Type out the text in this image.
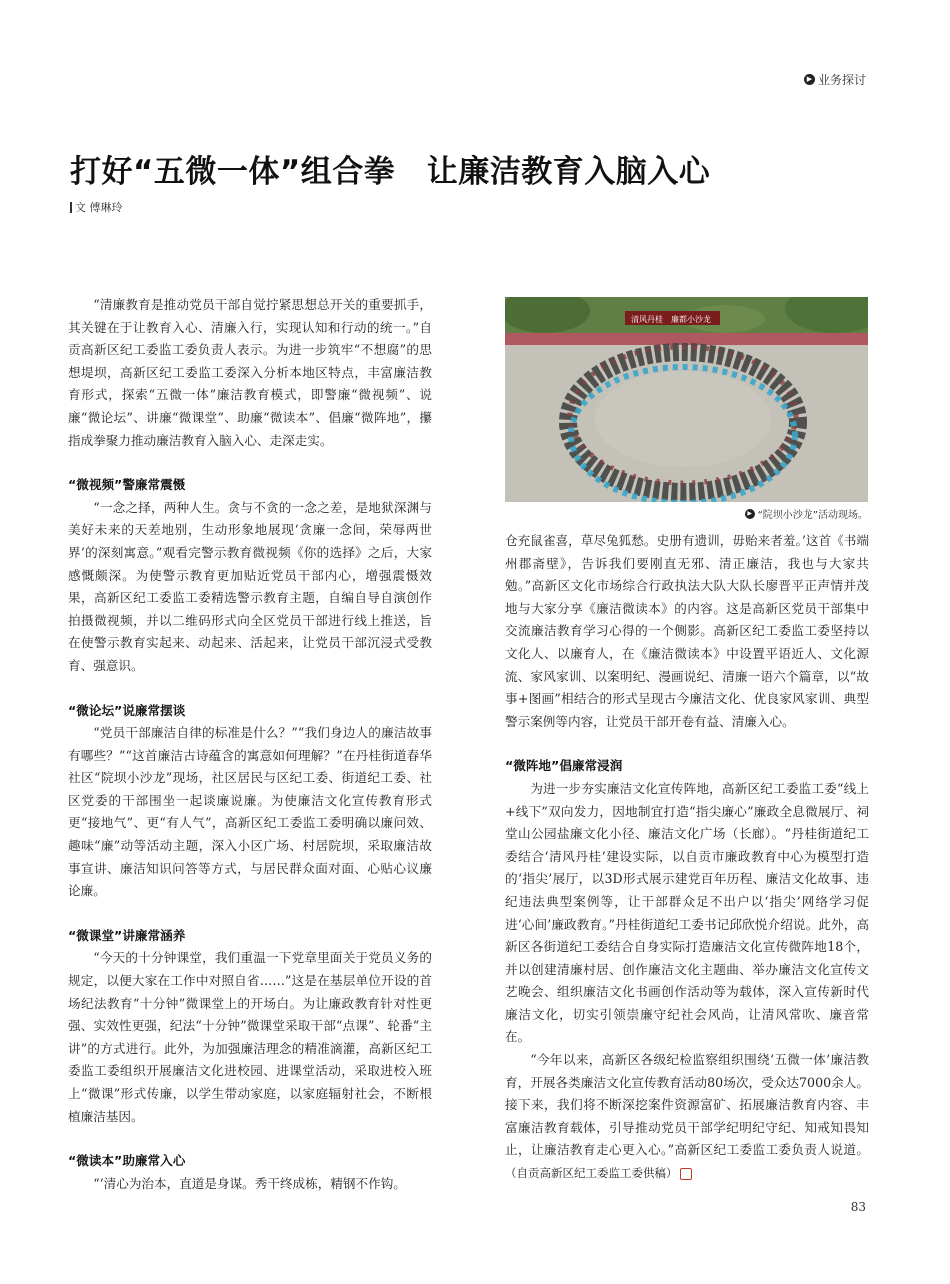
▶ 业务探讨
打好“五微一体”组合拳　让廉洁教育入脑入心
文 傅琳玲

“清廉教育是推动党员干部自觉拧紧思想总开关的重要抓手，其关键在于让教育入心、清廉入行，实现认知和行动的统一。”自贡高新区纪工委监工委负责人表示。为进一步筑牢“不想腐”的思想堤坝，高新区纪工委监工委深入分析本地区特点，丰富廉洁教育形式，探索“五微一体”廉洁教育模式，即警廉“微视频”、说廉“微论坛”、讲廉“微课堂”、助廉“微读本”、倡廉“微阵地”，攥指成拳聚力推动廉洁教育入脑入心、走深走实。

“微视频”警廉常震慑

“一念之择，两种人生。贪与不贪的一念之差，是地狱深渊与美好未来的天差地别，生动形象地展现‘贪廉一念间，荣辱两世界’的深刻寓意。”观看完警示教育微视频《你的选择》之后，大家感慨颇深。为使警示教育更加贴近党员干部内心，增强震慑效果，高新区纪工委监工委精选警示教育主题，自编自导自演创作拍摄微视频，并以二维码形式向全区党员干部进行线上推送，旨在使警示教育实起来、动起来、活起来，让党员干部沉浸式受教育、强意识。

“微论坛”说廉常摆谈

“党员干部廉洁自律的标准是什么？”“我们身边人的廉洁故事有哪些？”“这首廉洁古诗蕴含的寓意如何理解？”在丹桂街道春华社区“院坝小沙龙”现场，社区居民与区纪工委、街道纪工委、社区党委的干部围坐一起谈廉说廉。为使廉洁文化宣传教育形式更“接地气”、更“有人气”，高新区纪工委监工委明确以廉问效、趣味“廉”动等活动主题，深入小区广场、村居院坝，采取廉洁故事宣讲、廉洁知识问答等方式，与居民群众面对面、心贴心议廉论廉。

“微课堂”讲廉常涵养

“今天的十分钟课堂，我们重温一下党章里面关于党员义务的规定，以便大家在工作中对照自省……”这是在基层单位开设的首场纪法教育“十分钟”微课堂上的开场白。为让廉政教育针对性更强、实效性更强，纪法“十分钟”微课堂采取干部“点课”、轮番“主讲”的方式进行。此外，为加强廉洁理念的精准滴灌，高新区纪工委监工委组织开展廉洁文化进校园、进课堂活动，采取进校入班上“微课”形式传廉，以学生带动家庭，以家庭辐射社会，不断根植廉洁基因。

“微读本”助廉常入心

“‘清心为治本，直道是身谋。秀干终成栋，精钢不作钩。

清风丹桂　廉都小沙龙
▶ “院坝小沙龙”活动现场。

仓充鼠雀喜，草尽兔狐愁。史册有遗训，毋贻来者羞。’这首《书端州郡斋壁》，告诉我们要刚直无邪、清正廉洁，我也与大家共勉。”高新区文化市场综合行政执法大队大队长廖晋平正声情并茂地与大家分享《廉洁微读本》的内容。这是高新区党员干部集中交流廉洁教育学习心得的一个侧影。高新区纪工委监工委坚持以文化人、以廉育人，在《廉洁微读本》中设置平语近人、文化源流、家风家训、以案明纪、漫画说纪、清廉一语六个篇章，以“故事+图画”相结合的形式呈现古今廉洁文化、优良家风家训、典型警示案例等内容，让党员干部开卷有益、清廉入心。

“微阵地”倡廉常浸润

为进一步夯实廉洁文化宣传阵地，高新区纪工委监工委“线上+线下”双向发力，因地制宜打造“指尖廉心”廉政全息微展厅、祠堂山公园盐廉文化小径、廉洁文化广场（长廊）。“丹桂街道纪工委结合‘清风丹桂’建设实际，以自贡市廉政教育中心为模型打造的‘指尖’展厅，以3D形式展示建党百年历程、廉洁文化故事、违纪违法典型案例等，让干部群众足不出户以‘指尖’网络学习促进‘心间’廉政教育。”丹桂街道纪工委书记邱欣悦介绍说。此外，高新区各街道纪工委结合自身实际打造廉洁文化宣传微阵地18个，并以创建清廉村居、创作廉洁文化主题曲、举办廉洁文化宣传文艺晚会、组织廉洁文化书画创作活动等为载体，深入宣传新时代廉洁文化，切实引领崇廉守纪社会风尚，让清风常吹、廉音常在。

“今年以来，高新区各级纪检监察组织围绕‘五微一体’廉洁教育，开展各类廉洁文化宣传教育活动80场次，受众达7000余人。接下来，我们将不断深挖案件资源富矿、拓展廉洁教育内容、丰富廉洁教育载体，引导推动党员干部学纪明纪守纪、知戒知畏知止，让廉洁教育走心更入心。”高新区纪工委监工委负责人说道。（自贡高新区纪工委监工委供稿）

83
